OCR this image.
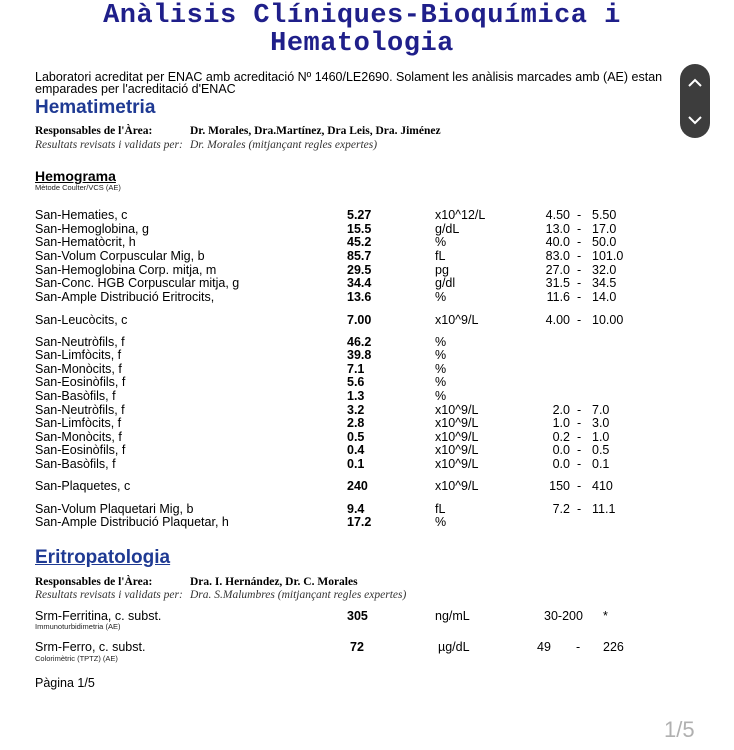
Anàlisis Clíniques-Bioquímica i
Hematologia
Laboratori acreditat per ENAC amb acreditació Nº 1460/LE2690. Solament les anàlisis marcades amb (AE) estan
emparades per l'acreditació d'ENAC
Hematimetria
Responsables de l'Àrea:	Dr. Morales, Dra.Martínez, Dra Leis, Dra. Jiménez
Resultats revisats i validats per: Dr. Morales (mitjançant regles expertes)
Hemograma
Mètode Coulter/VCS (AE)
San-Hematies, c	5.27	x10^12/L	4.50 - 5.50
San-Hemoglobina, g	15.5	g/dL	13.0 - 17.0
San-Hematòcrit, h	45.2	%	40.0 - 50.0
San-Volum Corpuscular Mig, b	85.7	fL	83.0 - 101.0
San-Hemoglobina Corp. mitja, m	29.5	pg	27.0 - 32.0
San-Conc. HGB Corpuscular mitja, g	34.4	g/dl	31.5 - 34.5
San-Ample Distribució Eritrocits,	13.6	%	11.6 - 14.0
San-Leucòcits, c	7.00	x10^9/L	4.00 - 10.00
San-Neutròfils, f	46.2	%
San-Limfòcits, f	39.8	%
San-Monòcits, f	7.1	%
San-Eosinòfils, f	5.6	%
San-Basòfils, f	1.3	%
San-Neutròfils, f	3.2	x10^9/L	2.0 - 7.0
San-Limfòcits, f	2.8	x10^9/L	1.0 - 3.0
San-Monòcits, f	0.5	x10^9/L	0.2 - 1.0
San-Eosinòfils, f	0.4	x10^9/L	0.0 - 0.5
San-Basòfils, f	0.1	x10^9/L	0.0 - 0.1
San-Plaquetes, c	240	x10^9/L	150 - 410
San-Volum Plaquetari Mig, b	9.4	fL	7.2 - 11.1
San-Ample Distribució Plaquetar, h	17.2	%
Eritropatologia
Responsables de l'Àrea:	Dra. I. Hernández, Dr. C. Morales
Resultats revisats i validats per: Dra. S.Malumbres (mitjançant regles expertes)
Srm-Ferritina, c. subst.	305	ng/mL	30-200 *
Immunoturbidimetria (AE)
Srm-Ferro, c. subst.	72	µg/dL	49 - 226
Colorimètric (TPTZ) (AE)
Pàgina 1/5
1/5
